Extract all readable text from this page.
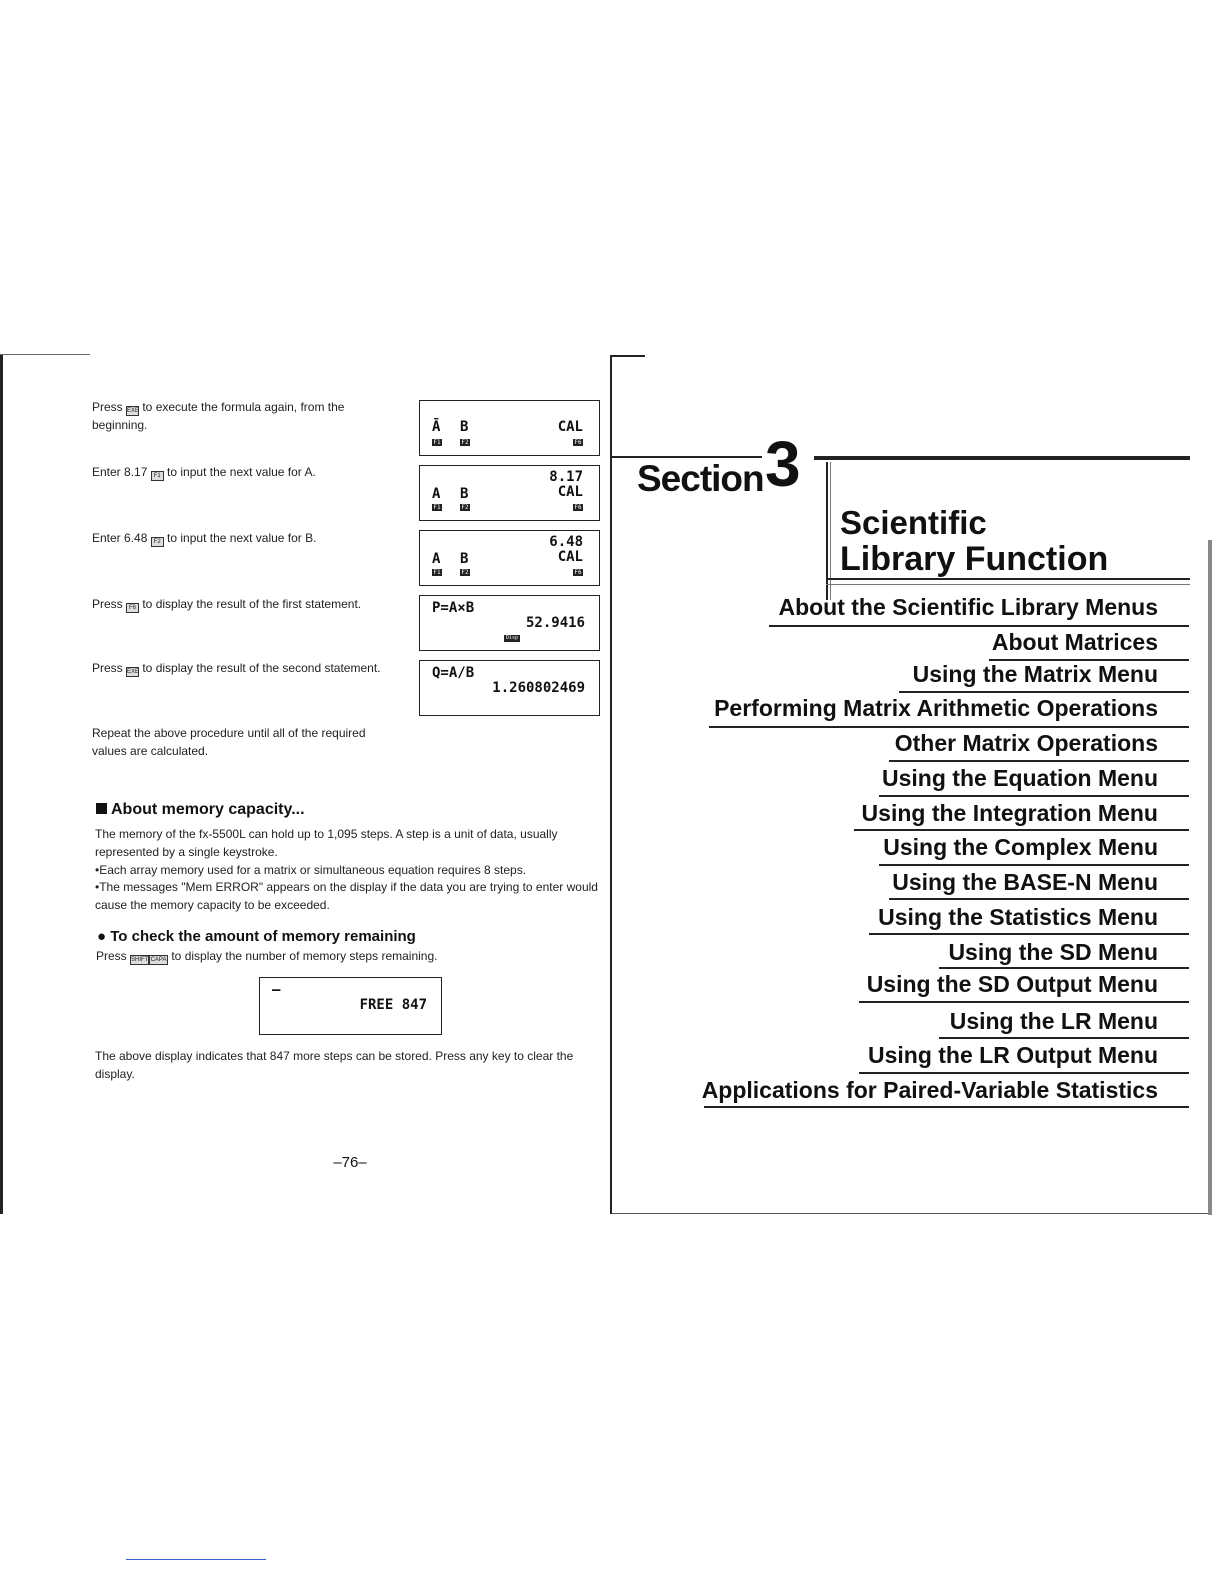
Press EXE to execute the formula again, from the beginning.
Enter 8.17 F1 to input the next value for A.
Enter 6.48 F2 to input the next value for B.
Press F6 to display the result of the first statement.
Press EXE to display the result of the second statement.
Ā B	CAL
F1	F2	F6
8.17
A B	CAL
F1	F2	F6
6.48
A B	CAL
F1	F2	F6
P=A×B
52.9416
Disp
Q=A/B
1.260802469
Repeat the above procedure until all of the required values are calculated.
About memory capacity...
The memory of the fx-5500L can hold up to 1,095 steps. A step is a unit of data, usually represented by a single keystroke.
•Each array memory used for a matrix or simultaneous equation requires 8 steps.
•The messages "Mem ERROR" appears on the display if the data you are trying to enter would cause the memory capacity to be exceeded.
● To check the amount of memory remaining
Press SHIFT CAPA to display the number of memory steps remaining.
–
FREE 847
The above display indicates that 847 more steps can be stored. Press any key to clear the display.
–76–
Section 3
Scientific
Library Function
About the Scientific Library Menus
About Matrices
Using the Matrix Menu
Performing Matrix Arithmetic Operations
Other Matrix Operations
Using the Equation Menu
Using the Integration Menu
Using the Complex Menu
Using the BASE-N Menu
Using the Statistics Menu
Using the SD Menu
Using the SD Output Menu
Using the LR Menu
Using the LR Output Menu
Applications for Paired-Variable Statistics
